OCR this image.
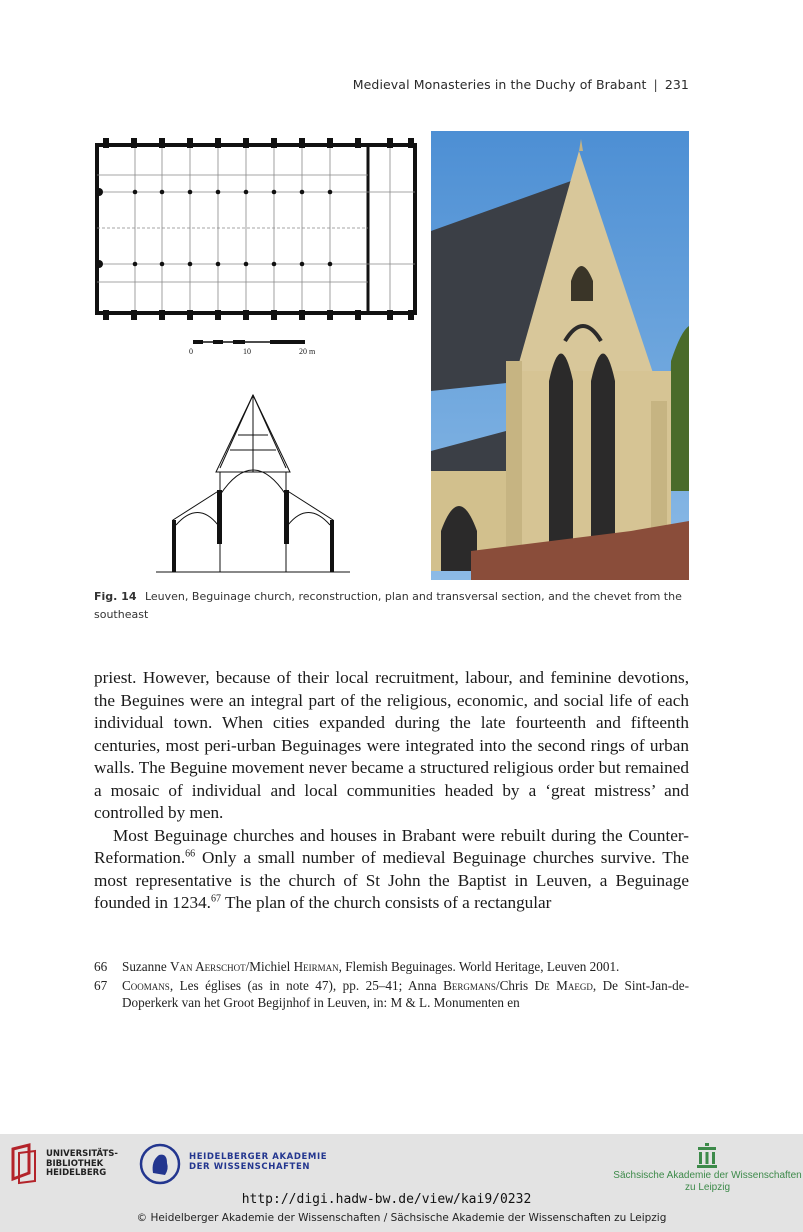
Medieval Monasteries in the Duchy of Brabant | 231
0	10	20 m
Fig. 14 Leuven, Beguinage church, reconstruction, plan and transversal section, and the chevet from the southeast

priest. However, because of their local recruitment, labour, and feminine devotions, the Beguines were an integral part of the religious, economic, and social life of each individual town. When cities expanded during the late fourteenth and fifteenth centuries, most peri-urban Beguinages were integrated into the second rings of urban walls. The Beguine movement never became a structured religious order but remained a mosaic of individual and local communities headed by a ‘great mistress’ and controlled by men.

Most Beguinage churches and houses in Brabant were rebuilt during the Counter-Reformation.$^{66}$ Only a small number of medieval Beguinage churches survive. The most representative is the church of St John the Baptist in Leuven, a Beguinage founded in 1234.67 The plan of the church consists of a rectangular

66	Suzanne Van Aerschot/Michiel Heirman, Flemish Beguinages. World Heritage, Leuven 2001.
67	Coomans, Les églises (as in note 47), pp. 25–41; Anna Bergmans/Chris De Maegd, De Sint-Jan-de-Doperkerk van het Groot Begijnhof in Leuven, in: M & L. Monumenten en
UNIVERSITÄTS-
BIBLIOTHEK
HEIDELBERG
HEIDELBERGER AKADEMIE
DER WISSENSCHAFTEN
Sächsische Akademie der Wissenschaften
zu Leipzig
http://digi.hadw-bw.de/view/kai9/0232
© Heidelberger Akademie der Wissenschaften / Sächsische Akademie der Wissenschaften zu Leipzig
